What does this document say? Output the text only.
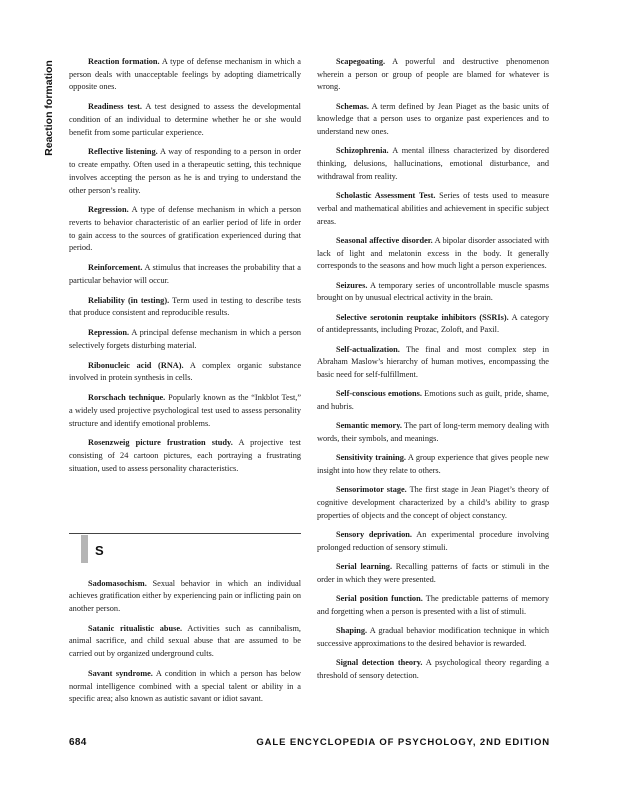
Reaction formation	Reaction formation. A type of defense mechanism in which a person deals with unacceptable feelings by adopting diametrically opposite ones.

Readiness test. A test designed to assess the developmental condition of an individual to determine whether he or she would benefit from some particular experience.

Reflective listening. A way of responding to a person in order to create empathy. Often used in a therapeutic setting, this technique involves accepting the person as he is and trying to understand the other person’s reality.

Regression. A type of defense mechanism in which a person reverts to behavior characteristic of an earlier period of life in order to gain access to the sources of gratification experienced during that period.

Reinforcement. A stimulus that increases the probability that a particular behavior will occur.

Reliability (in testing). Term used in testing to describe tests that produce consistent and reproducible results.

Repression. A principal defense mechanism in which a person selectively forgets disturbing material.

Ribonucleic acid (RNA). A complex organic substance involved in protein synthesis in cells.

Rorschach technique. Popularly known as the “Inkblot Test,” a widely used projective psychological test used to assess personality structure and identify emotional problems.

Rosenzweig picture frustration study. A projective test consisting of 24 cartoon pictures, each portraying a frustrating situation, used to assess personality characteristics.

S

Sadomasochism. Sexual behavior in which an individual achieves gratification either by experiencing pain or inflicting pain on another person.

Satanic ritualistic abuse. Activities such as cannibalism, animal sacrifice, and child sexual abuse that are assumed to be carried out by organized underground cults.

Savant syndrome. A condition in which a person has below normal intelligence combined with a special talent or ability in a specific area; also known as autistic savant or idiot savant.

Scapegoating. A powerful and destructive phenomenon wherein a person or group of people are blamed for whatever is wrong.

Schemas. A term defined by Jean Piaget as the basic units of knowledge that a person uses to organize past experiences and to understand new ones.

Schizophrenia. A mental illness characterized by disordered thinking, delusions, hallucinations, emotional disturbance, and withdrawal from reality.

Scholastic Assessment Test. Series of tests used to measure verbal and mathematical abilities and achievement in specific subject areas.

Seasonal affective disorder. A bipolar disorder associated with lack of light and melatonin excess in the body. It generally corresponds to the seasons and how much light a person experiences.

Seizures. A temporary series of uncontrollable muscle spasms brought on by unusual electrical activity in the brain.

Selective serotonin reuptake inhibitors (SSRIs). A category of antidepressants, including Prozac, Zoloft, and Paxil.

Self-actualization. The final and most complex step in Abraham Maslow’s hierarchy of human motives, encompassing the basic need for self-fulfillment.

Self-conscious emotions. Emotions such as guilt, pride, shame, and hubris.

Semantic memory. The part of long-term memory dealing with words, their symbols, and meanings.

Sensitivity training. A group experience that gives people new insight into how they relate to others.

Sensorimotor stage. The first stage in Jean Piaget’s theory of cognitive development characterized by a child’s ability to grasp properties of objects and the concept of object constancy.

Sensory deprivation. An experimental procedure involving prolonged reduction of sensory stimuli.

Serial learning. Recalling patterns of facts or stimuli in the order in which they were presented.

Serial position function. The predictable patterns of memory and forgetting when a person is presented with a list of stimuli.

Shaping. A gradual behavior modification technique in which successive approximations to the desired behavior is rewarded.

Signal detection theory. A psychological theory regarding a threshold of sensory detection.

684	GALE ENCYCLOPEDIA OF PSYCHOLOGY, 2ND EDITION
